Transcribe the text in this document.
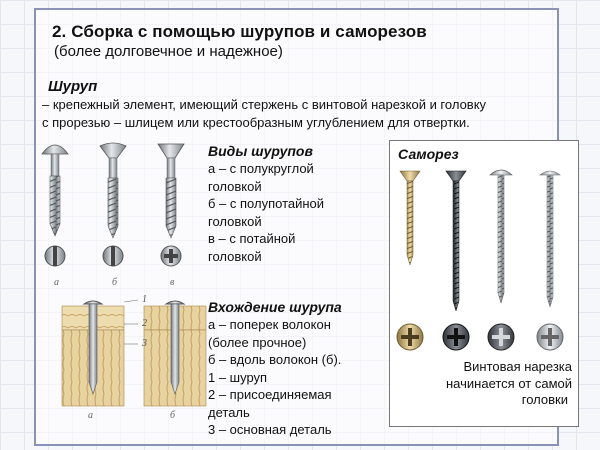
2. Сборка с помощью шурупов и саморезов
(более долговечное и надежное)
Шуруп
– крепежный элемент, имеющий стержень с винтовой нарезкой и головку
с прорезью – шлицем или крестообразным углублением для отвертки.
а	б	в
Виды шурупов
а – с полукруглой
головкой
б – с полупотайной
головкой
в – с потайной
головкой
1
2
3
а	б
Вхождение шурупа
а – поперек волокон
(более прочное)
б – вдоль волокон (б).
1 – шуруп
2 – присоединяемая
деталь
3 – основная деталь
Саморез
Винтовая нарезка
начинается от самой
головки
